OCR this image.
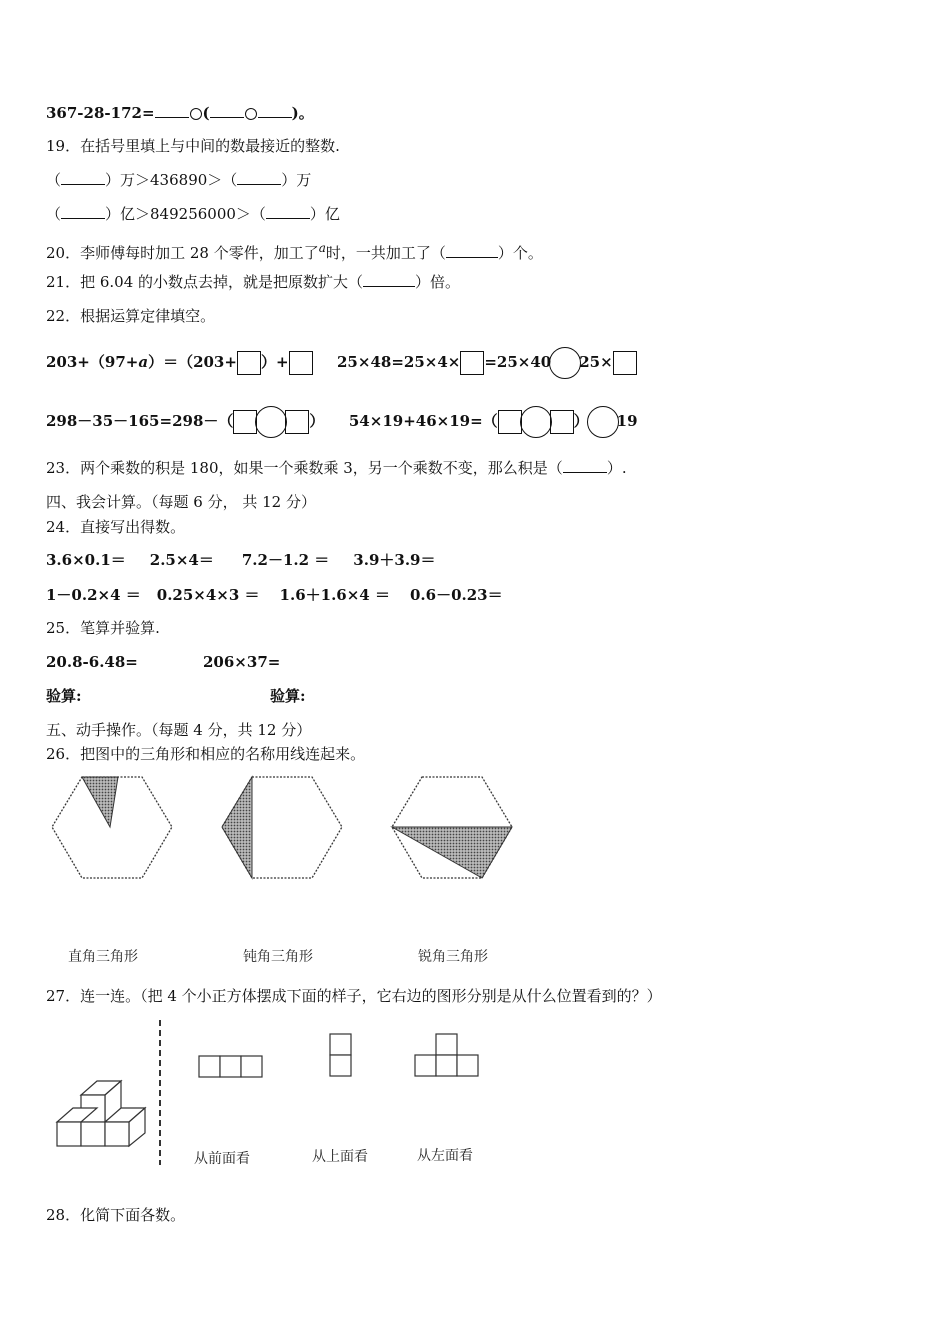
367-28-172=	(	)。
19．在括号里填上与中间的数最接近的整数.
（	）万＞436890＞（	）万
（	）亿＞849256000＞（	）亿
20．李师傅每时加工 28 个零件，加工了$^a$时，一共加工了（	）个。
21．把 6.04 的小数点去掉，就是把原数扩大（	）倍。
22．根据运算定律填空。
203+（97+a）＝（203+ ）+	25×48=25×4× =25×40 25×
298－35－165=298－（	） 54×19+46×19=（	） 19
23．两个乘数的积是 180，如果一个乘数乘 3，另一个乘数不变，那么积是（	）.
四、我会计算。（每题 6 分， 共 12 分）
24．直接写出得数。
3.6×0.1＝ 2.5×4＝ 7.2－1.2 ＝ 3.9＋3.9＝
1－0.2×4 ＝ 0.25×4×3 ＝ 1.6＋1.6×4 ＝ 0.6－0.23＝
25．笔算并验算.
20.8-6.48=	206×37=
验算:	验算:
五、动手操作。（每题 4 分，共 12 分）
26．把图中的三角形和相应的名称用线连起来。
直角三角形	钝角三角形	锐角三角形
27．连一连。（把 4 个小正方体摆成下面的样子，它右边的图形分别是从什么位置看到的？）
从前面看	从上面看	从左面看
28．化简下面各数。
